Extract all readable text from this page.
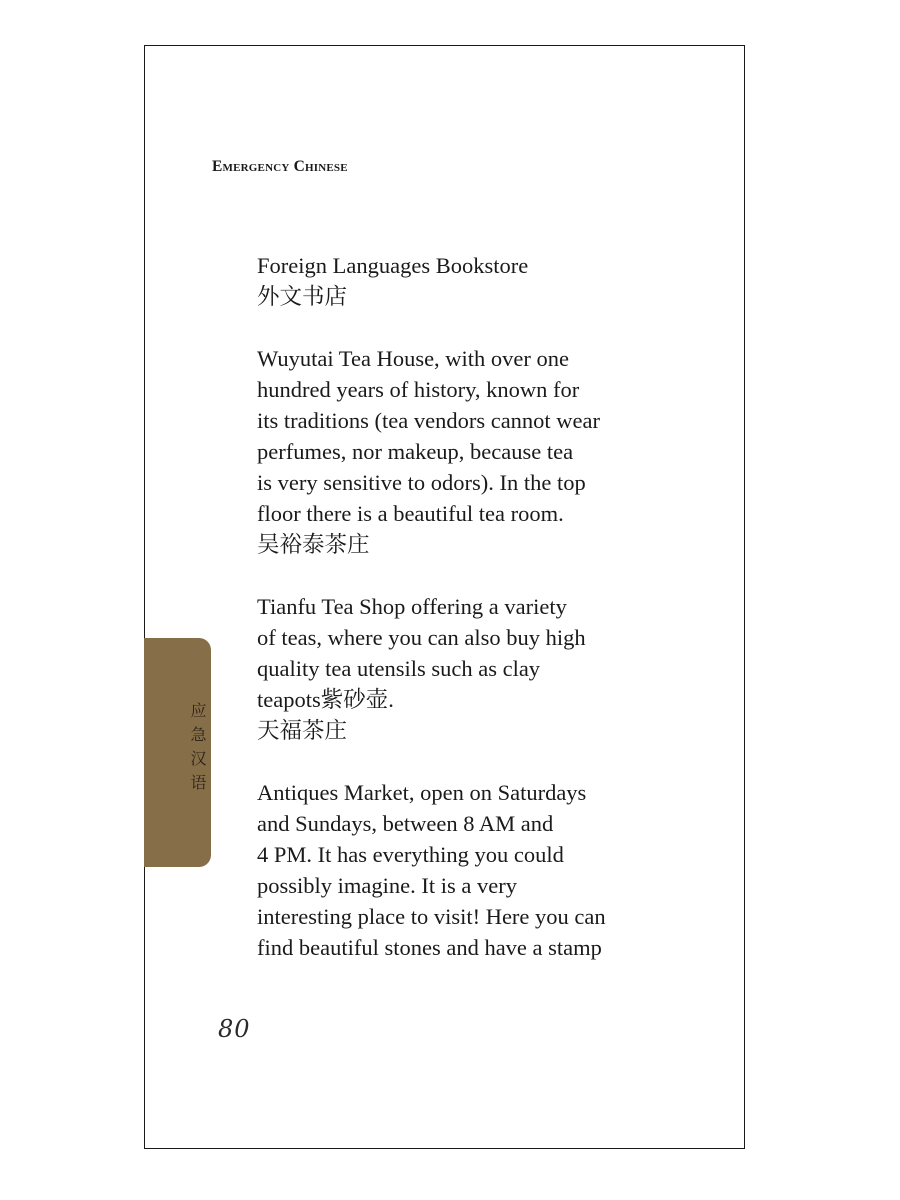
Emergency Chinese
Foreign Languages Bookstore
外文书店
Wuyutai Tea House, with over one
hundred years of history, known for
its traditions (tea vendors cannot wear
perfumes, nor makeup, because tea
is very sensitive to odors). In the top
floor there is a beautiful tea room.
吴裕泰茶庄
Tianfu Tea Shop offering a variety
of teas, where you can also buy high
quality tea utensils such as clay
teapots紫砂壶.
天福茶庄
Antiques Market, open on Saturdays
and Sundays, between 8 AM and
4 PM. It has everything you could
possibly imagine. It is a very
interesting place to visit! Here you can
find beautiful stones and have a stamp
应急汉语
80
